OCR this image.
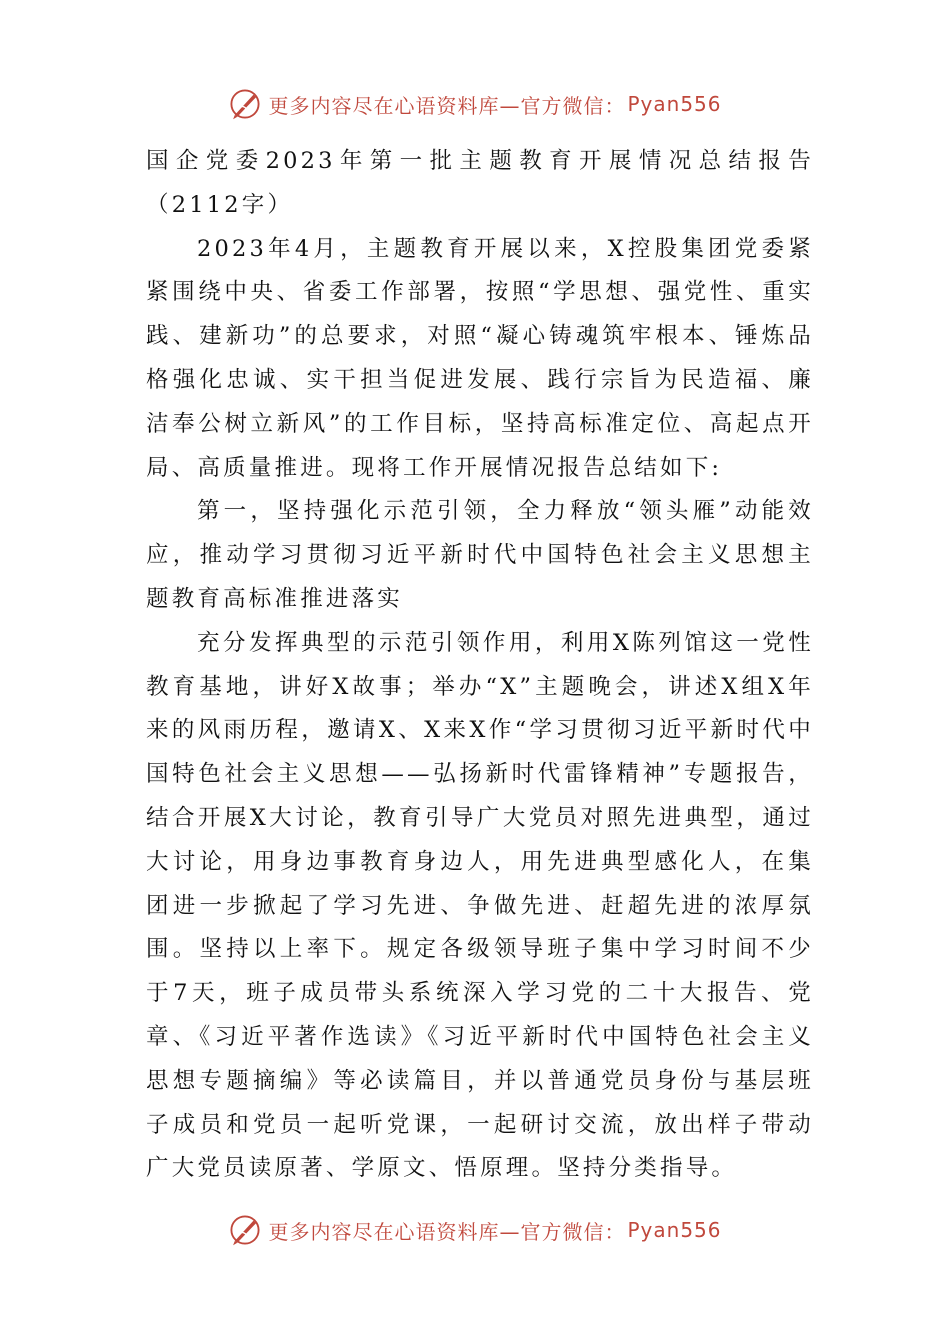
更多内容尽在心语资料库—官方微信： Pyan556

国企党委2023年第一批主题教育开展情况总结报告（2112字）

2023年4月，主题教育开展以来，X控股集团党委紧紧围绕中央、省委工作部署，按照“学思想、强党性、重实践、建新功”的总要求，对照“凝心铸魂筑牢根本、锤炼品格强化忠诚、实干担当促进发展、践行宗旨为民造福、廉洁奉公树立新风”的工作目标，坚持高标准定位、高起点开局、高质量推进。现将工作开展情况报告总结如下:

第一，坚持强化示范引领，全力释放“领头雁”动能效应，推动学习贯彻习近平新时代中国特色社会主义思想主题教育高标准推进落实

充分发挥典型的示范引领作用，利用X陈列馆这一党性教育基地，讲好X故事；举办“X”主题晚会，讲述X组X年来的风雨历程，邀请X、X来X作“学习贯彻习近平新时代中国特色社会主义思想——弘扬新时代雷锋精神”专题报告，结合开展X大讨论，教育引导广大党员对照先进典型，通过大讨论，用身边事教育身边人，用先进典型感化人，在集团进一步掀起了学习先进、争做先进、赶超先进的浓厚氛围。坚持以上率下。规定各级领导班子集中学习时间不少于7天，班子成员带头系统深入学习党的二十大报告、党章、《习近平著作选读》《习近平新时代中国特色社会主义思想专题摘编》等必读篇目，并以普通党员身份与基层班子成员和党员一起听党课，一起研讨交流，放出样子带动广大党员读原著、学原文、悟原理。坚持分类指导。

更多内容尽在心语资料库—官方微信： Pyan556
